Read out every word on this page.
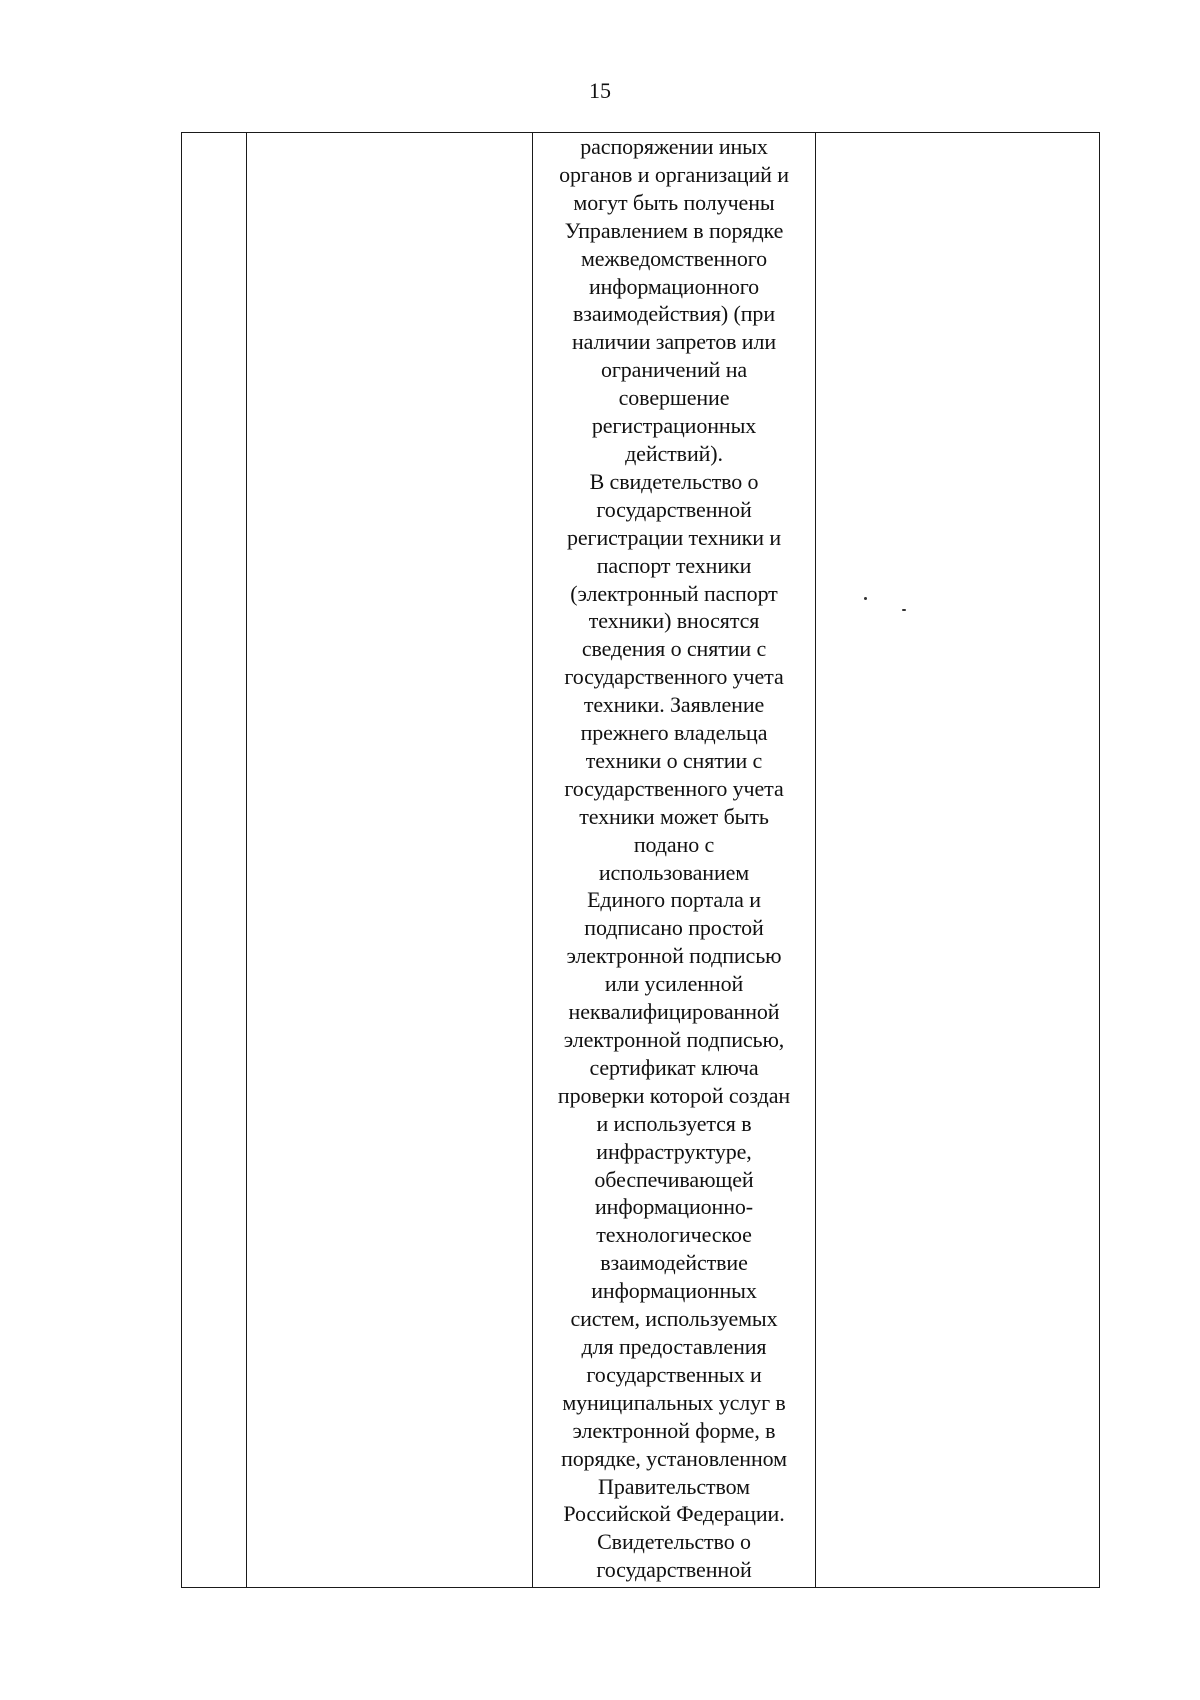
15

распоряжении иных
органов и организаций и
могут быть получены
Управлением в порядке
межведомственного
информационного
взаимодействия) (при
наличии запретов или
ограничений на
совершение
регистрационных
действий).
В свидетельство о
государственной
регистрации техники и
паспорт техники
(электронный паспорт
техники) вносятся
сведения о снятии с
государственного учета
техники. Заявление
прежнего владельца
техники о снятии с
государственного учета
техники может быть
подано с
использованием
Единого портала и
подписано простой
электронной подписью
или усиленной
неквалифицированной
электронной подписью,
сертификат ключа
проверки которой создан
и используется в
инфраструктуре,
обеспечивающей
информационно-
технологическое
взаимодействие
информационных
систем, используемых
для предоставления
государственных и
муниципальных услуг в
электронной форме, в
порядке, установленном
Правительством
Российской Федерации.
Свидетельство о
государственной
